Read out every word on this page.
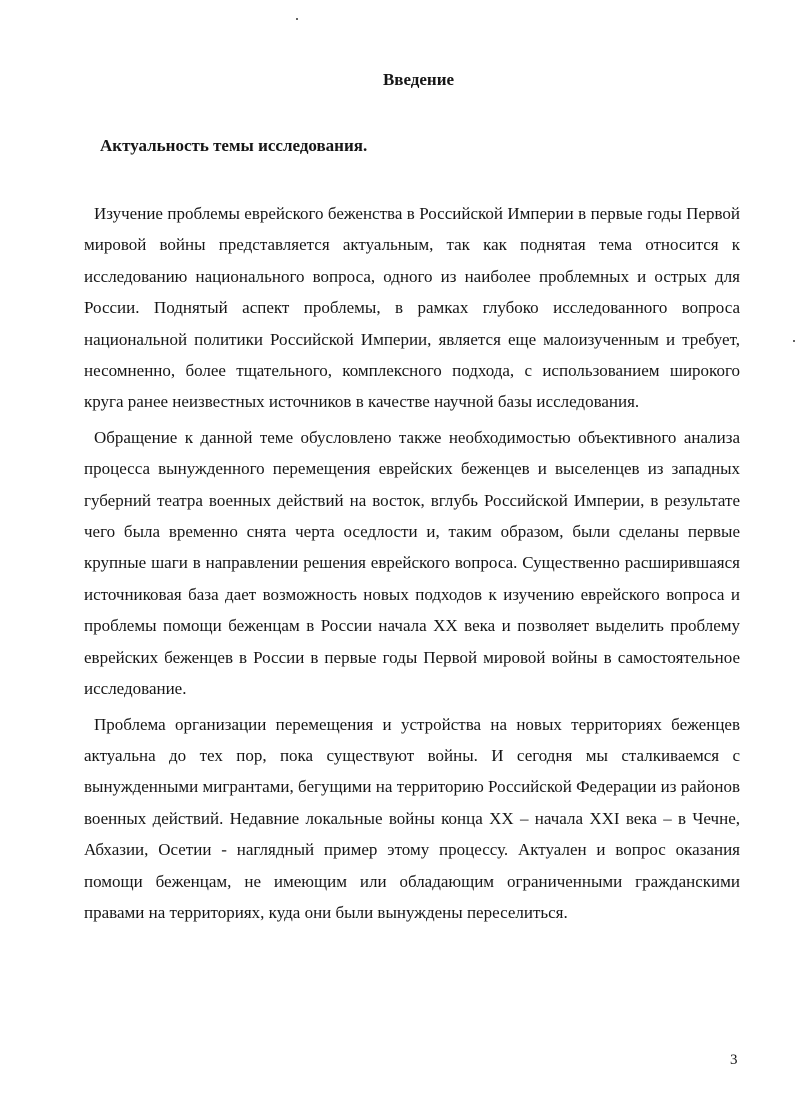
Введение
Актуальность темы исследования.

Изучение проблемы еврейского беженства в Российской Империи в первые годы Первой мировой войны представляется актуальным, так как поднятая тема относится к исследованию национального вопроса, одного из наиболее проблемных и острых для России. Поднятый аспект проблемы, в рамках глубоко исследованного вопроса национальной политики Российской Империи, является еще малоизученным и требует, несомненно, более тщательного, комплексного подхода, с использованием широкого круга ранее неизвестных источников в качестве научной базы исследования.

Обращение к данной теме обусловлено также необходимостью объективного анализа процесса вынужденного перемещения еврейских беженцев и выселенцев из западных губерний театра военных действий на восток, вглубь Российской Империи, в результате чего была временно снята черта оседлости и, таким образом, были сделаны первые крупные шаги в направлении решения еврейского вопроса. Существенно расширившаяся источниковая база дает возможность новых подходов к изучению еврейского вопроса и проблемы помощи беженцам в России начала XX века и позволяет выделить проблему еврейских беженцев в России в первые годы Первой мировой войны в самостоятельное исследование.

Проблема организации перемещения и устройства на новых территориях беженцев актуальна до тех пор, пока существуют войны. И сегодня мы сталкиваемся с вынужденными мигрантами, бегущими на территорию Российской Федерации из районов военных действий. Недавние локальные войны конца XX – начала XXI века – в Чечне, Абхазии, Осетии - наглядный пример этому процессу. Актуален и вопрос оказания помощи беженцам, не имеющим или обладающим ограниченными гражданскими правами на территориях, куда они были вынуждены переселиться.

3
